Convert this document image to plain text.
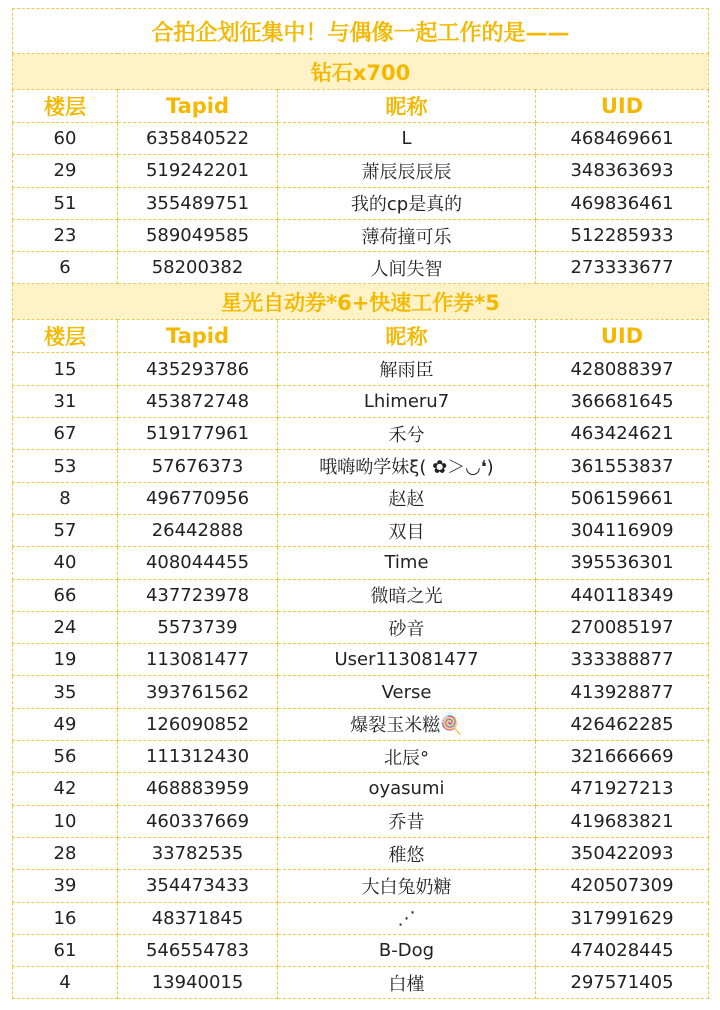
合拍企划征集中！与偶像一起工作的是——			
钻石x700			
楼层	Tapid	昵称	UID
60	635840522	L	468469661
29	519242201	萧辰辰辰辰	348363693
51	355489751	我的cp是真的	469836461
23	589049585	薄荷撞可乐	512285933
6	58200382	人间失智	273333677
星光自动券*6+快速工作券*5			
楼层	Tapid	昵称	UID
15	435293786	解雨臣	428088397
31	453872748	Lhimeru7	366681645
67	519177961	禾兮	463424621
53	57676373	哦嗨呦学妹ξ( ✿＞◡❛)	361553837
8	496770956	赵赵	506159661
57	26442888	双目	304116909
40	408044455	Time	395536301
66	437723978	微暗之光	440118349
24	5573739	砂音	270085197
19	113081477	User113081477	333388877
35	393761562	Verse	413928877
49	126090852	爆裂玉米糍🍭	426462285
56	111312430	北辰°	321666669
42	468883959	oyasumi	471927213
10	460337669	乔昔	419683821
28	33782535	稚悠	350422093
39	354473433	大白兔奶糖	420507309
16	48371845	⋰	317991629
61	546554783	B-Dog	474028445
4	13940015	白槿	297571405
